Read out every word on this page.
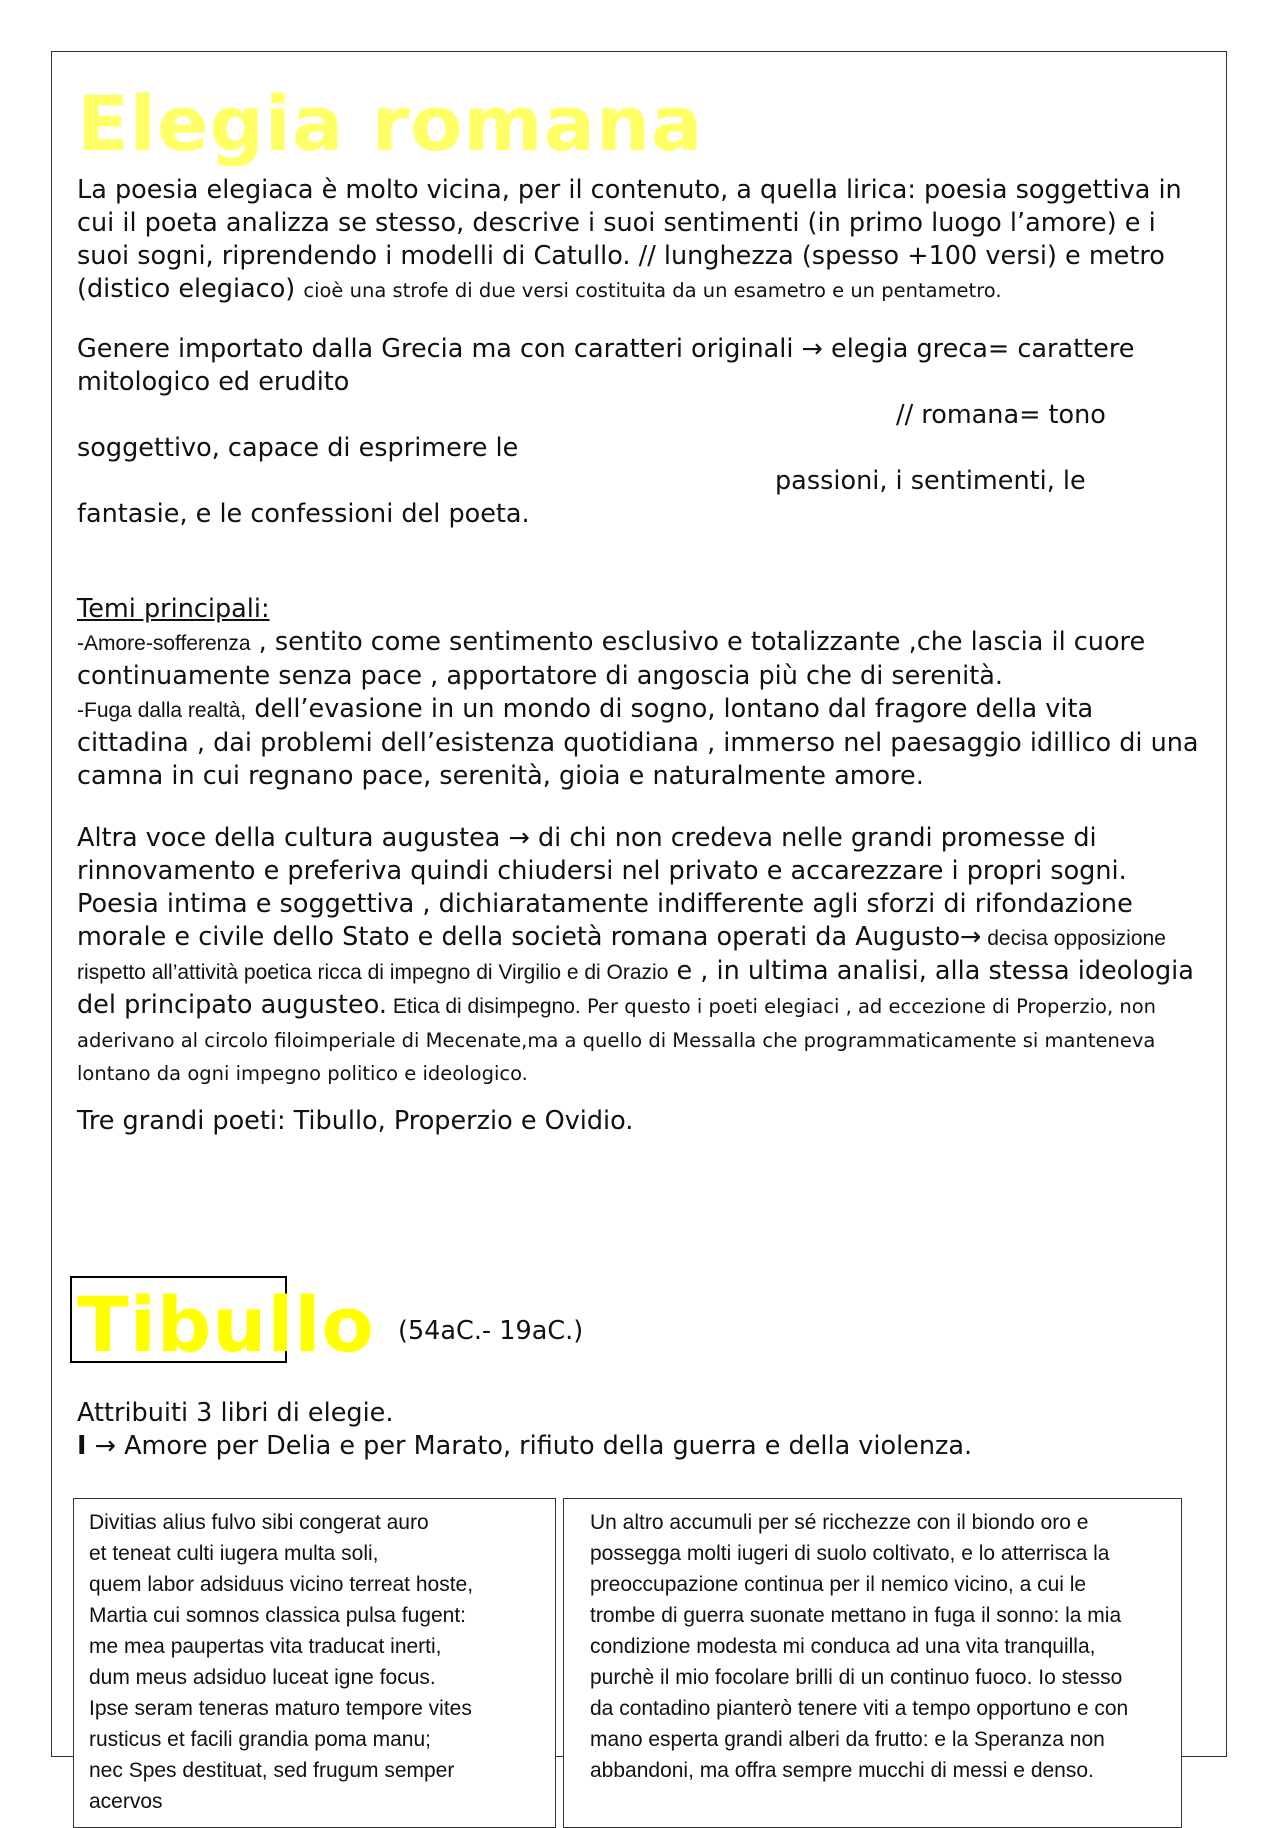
Elegia romana

La poesia elegiaca è molto vicina, per il contenuto, a quella lirica: poesia soggettiva in cui il poeta analizza se stesso, descrive i suoi sentimenti (in primo luogo l’amore) e i suoi sogni, riprendendo i modelli di Catullo. // lunghezza (spesso +100 versi) e metro (distico elegiaco) cioè una strofe di due versi costituita da un esametro e un pentametro.

Genere importato dalla Grecia ma con caratteri originali → elegia greca= carattere
mitologico ed erudito
// romana= tono
soggettivo, capace di esprimere le
passioni, i sentimenti, le
fantasie, e le confessioni del poeta.
Temi principali:
-Amore-sofferenza , sentito come sentimento esclusivo e totalizzante ,che lascia il cuore continuamente senza pace , apportatore di angoscia più che di serenità.
-Fuga dalla realtà, dell’evasione in un mondo di sogno, lontano dal fragore della vita cittadina , dai problemi dell’esistenza quotidiana , immerso nel paesaggio idillico di una camna in cui regnano pace, serenità, gioia e naturalmente amore.

Altra voce della cultura augustea → di chi non credeva nelle grandi promesse di rinnovamento e preferiva quindi chiudersi nel privato e accarezzare i propri sogni. Poesia intima e soggettiva , dichiaratamente indifferente agli sforzi di rifondazione morale e civile dello Stato e della società romana operati da Augusto→ decisa opposizione rispetto all’attività poetica ricca di impegno di Virgilio e di Orazio e , in ultima analisi, alla stessa ideologia del principato augusteo. Etica di disimpegno. Per questo i poeti elegiaci , ad eccezione di Properzio, non aderivano al circolo filoimperiale di Mecenate,ma a quello di Messalla che programmaticamente si manteneva lontano da ogni impegno politico e ideologico.

Tre grandi poeti: Tibullo, Properzio e Ovidio.
Tibullo (54aC.- 19aC.)
Attribuiti 3 libri di elegie.
I → Amore per Delia e per Marato, rifiuto della guerra e della violenza.
Divitias alius fulvo sibi congerat auro
et teneat culti iugera multa soli,
quem labor adsiduus vicino terreat hoste,
Martia cui somnos classica pulsa fugent:
me mea paupertas vita traducat inerti,
dum meus adsiduo luceat igne focus.
Ipse seram teneras maturo tempore vites
rusticus et facili grandia poma manu;
nec Spes destituat, sed frugum semper
acervos
Un altro accumuli per sé ricchezze con il biondo oro e
possegga molti iugeri di suolo coltivato, e lo atterrisca la
preoccupazione continua per il nemico vicino, a cui le
trombe di guerra suonate mettano in fuga il sonno: la mia
condizione modesta mi conduca ad una vita tranquilla,
purchè il mio focolare brilli di un continuo fuoco. Io stesso
da contadino pianterò tenere viti a tempo opportuno e con
mano esperta grandi alberi da frutto: e la Speranza non
abbandoni, ma offra sempre mucchi di messi e denso.
